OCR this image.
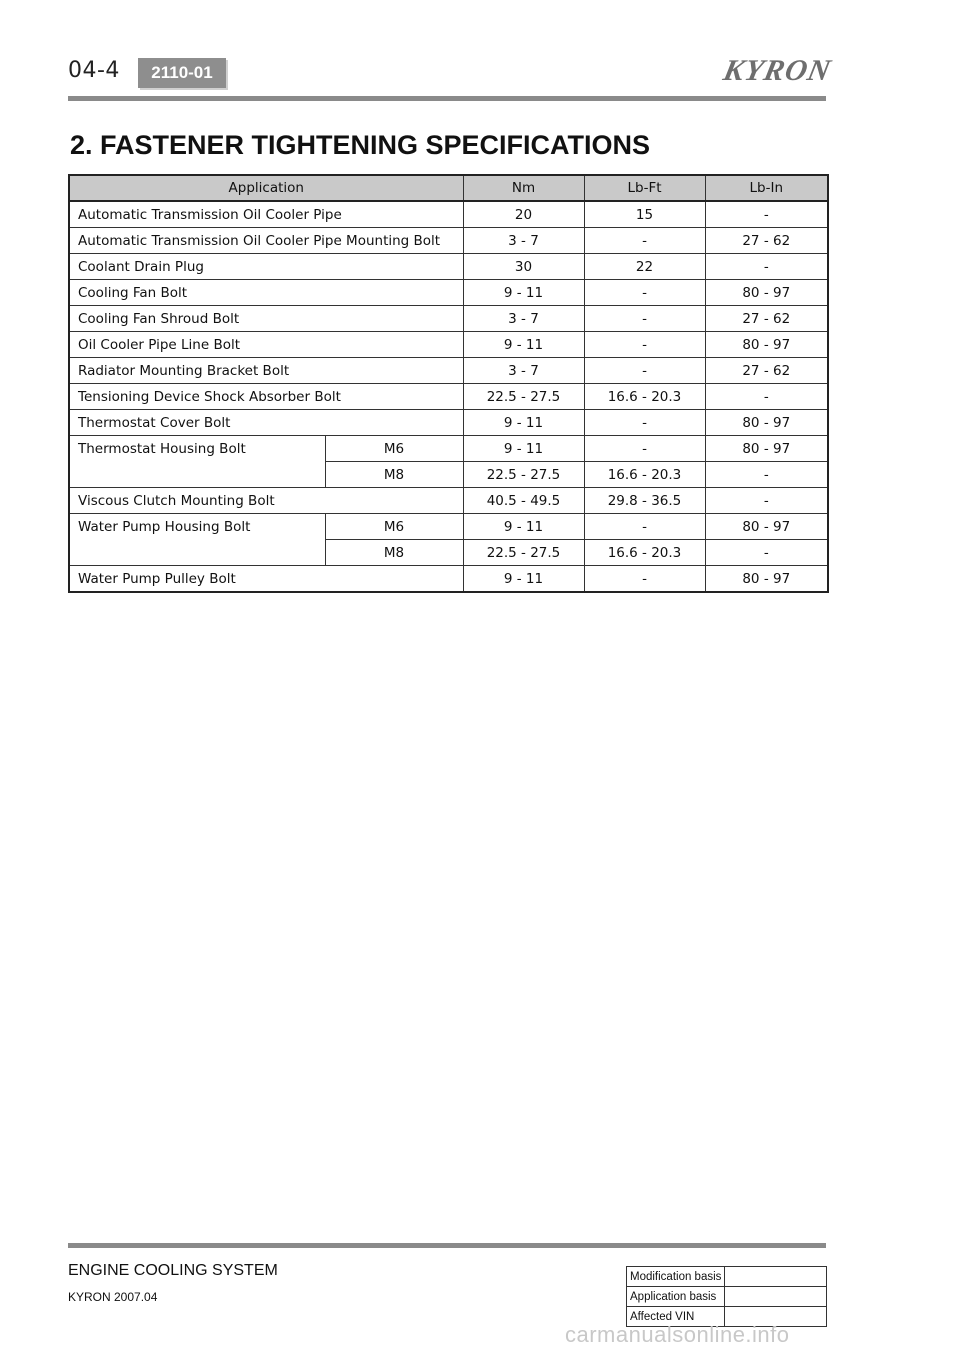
04-4	2110-01	KYRON
2. FASTENER TIGHTENING SPECIFICATIONS
Application		Nm	Lb-Ft	Lb-In
Automatic Transmission Oil Cooler Pipe		20	15	-
Automatic Transmission Oil Cooler Pipe Mounting Bolt		3 - 7	-	27 - 62
Coolant Drain Plug		30	22	-
Cooling Fan Bolt		9 - 11	-	80 - 97
Cooling Fan Shroud Bolt		3 - 7	-	27 - 62
Oil Cooler Pipe Line Bolt		9 - 11	-	80 - 97
Radiator Mounting Bracket Bolt		3 - 7	-	27 - 62
Tensioning Device Shock Absorber Bolt		22.5 - 27.5	16.6 - 20.3	-
Thermostat Cover Bolt		9 - 11	-	80 - 97
Thermostat Housing Bolt	M6	9 - 11	-	80 - 97
	M8	22.5 - 27.5	16.6 - 20.3	-
Viscous Clutch Mounting Bolt		40.5 - 49.5	29.8 - 36.5	-
Water Pump Housing Bolt	M6	9 - 11	-	80 - 97
	M8	22.5 - 27.5	16.6 - 20.3	-
Water Pump Pulley Bolt		9 - 11	-	80 - 97
ENGINE COOLING SYSTEM
KYRON 2007.04
Modification basis	
Application basis	
Affected VIN	
carmanualsonline.info
